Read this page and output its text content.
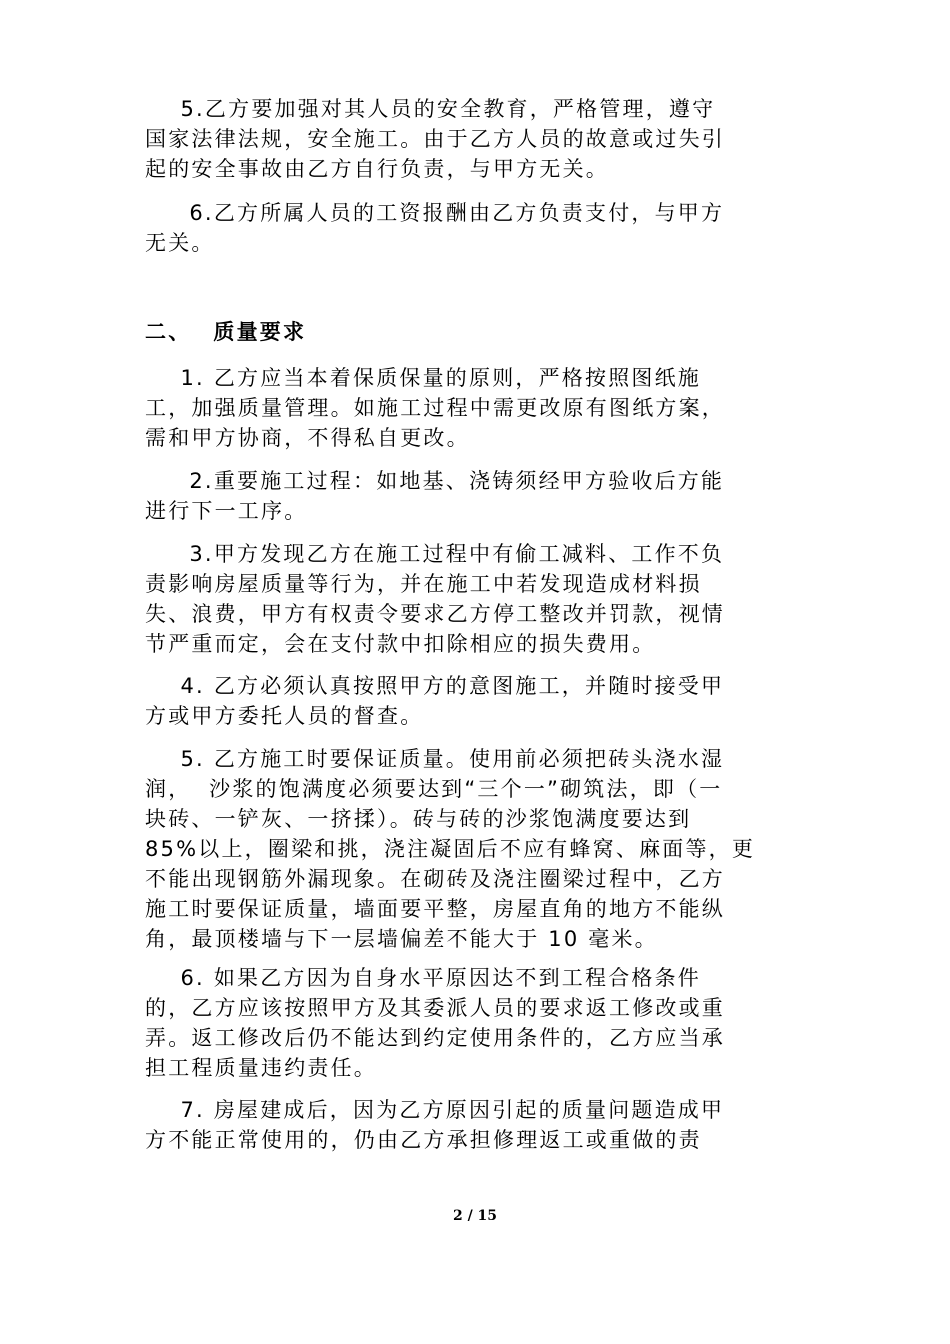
5.乙方要加强对其人员的安全教育，严格管理，遵守
国家法律法规，安全施工。由于乙方人员的故意或过失引
起的安全事故由乙方自行负责，与甲方无关。
6.乙方所属人员的工资报酬由乙方负责支付，与甲方
无关。
二、 质量要求
1. 乙方应当本着保质保量的原则，严格按照图纸施
工，加强质量管理。如施工过程中需更改原有图纸方案，
需和甲方协商，不得私自更改。
2.重要施工过程：如地基、浇铸须经甲方验收后方能
进行下一工序。
3.甲方发现乙方在施工过程中有偷工减料、工作不负
责影响房屋质量等行为，并在施工中若发现造成材料损
失、浪费，甲方有权责令要求乙方停工整改并罚款，视情
节严重而定，会在支付款中扣除相应的损失费用。
4. 乙方必须认真按照甲方的意图施工，并随时接受甲
方或甲方委托人员的督查。
5. 乙方施工时要保证质量。使用前必须把砖头浇水湿
润，  沙浆的饱满度必须要达到“三个一”砌筑法，即（一
块砖、一铲灰、一挤揉）。砖与砖的沙浆饱满度要达到
85%以上，圈梁和挑，浇注凝固后不应有蜂窝、麻面等，更
不能出现钢筋外漏现象。在砌砖及浇注圈梁过程中，乙方
施工时要保证质量，墙面要平整，房屋直角的地方不能纵
角，最顶楼墙与下一层墙偏差不能大于 10 毫米。
6. 如果乙方因为自身水平原因达不到工程合格条件
的，乙方应该按照甲方及其委派人员的要求返工修改或重
弄。返工修改后仍不能达到约定使用条件的，乙方应当承
担工程质量违约责任。
7. 房屋建成后，因为乙方原因引起的质量问题造成甲
方不能正常使用的，仍由乙方承担修理返工或重做的责
2 / 15
